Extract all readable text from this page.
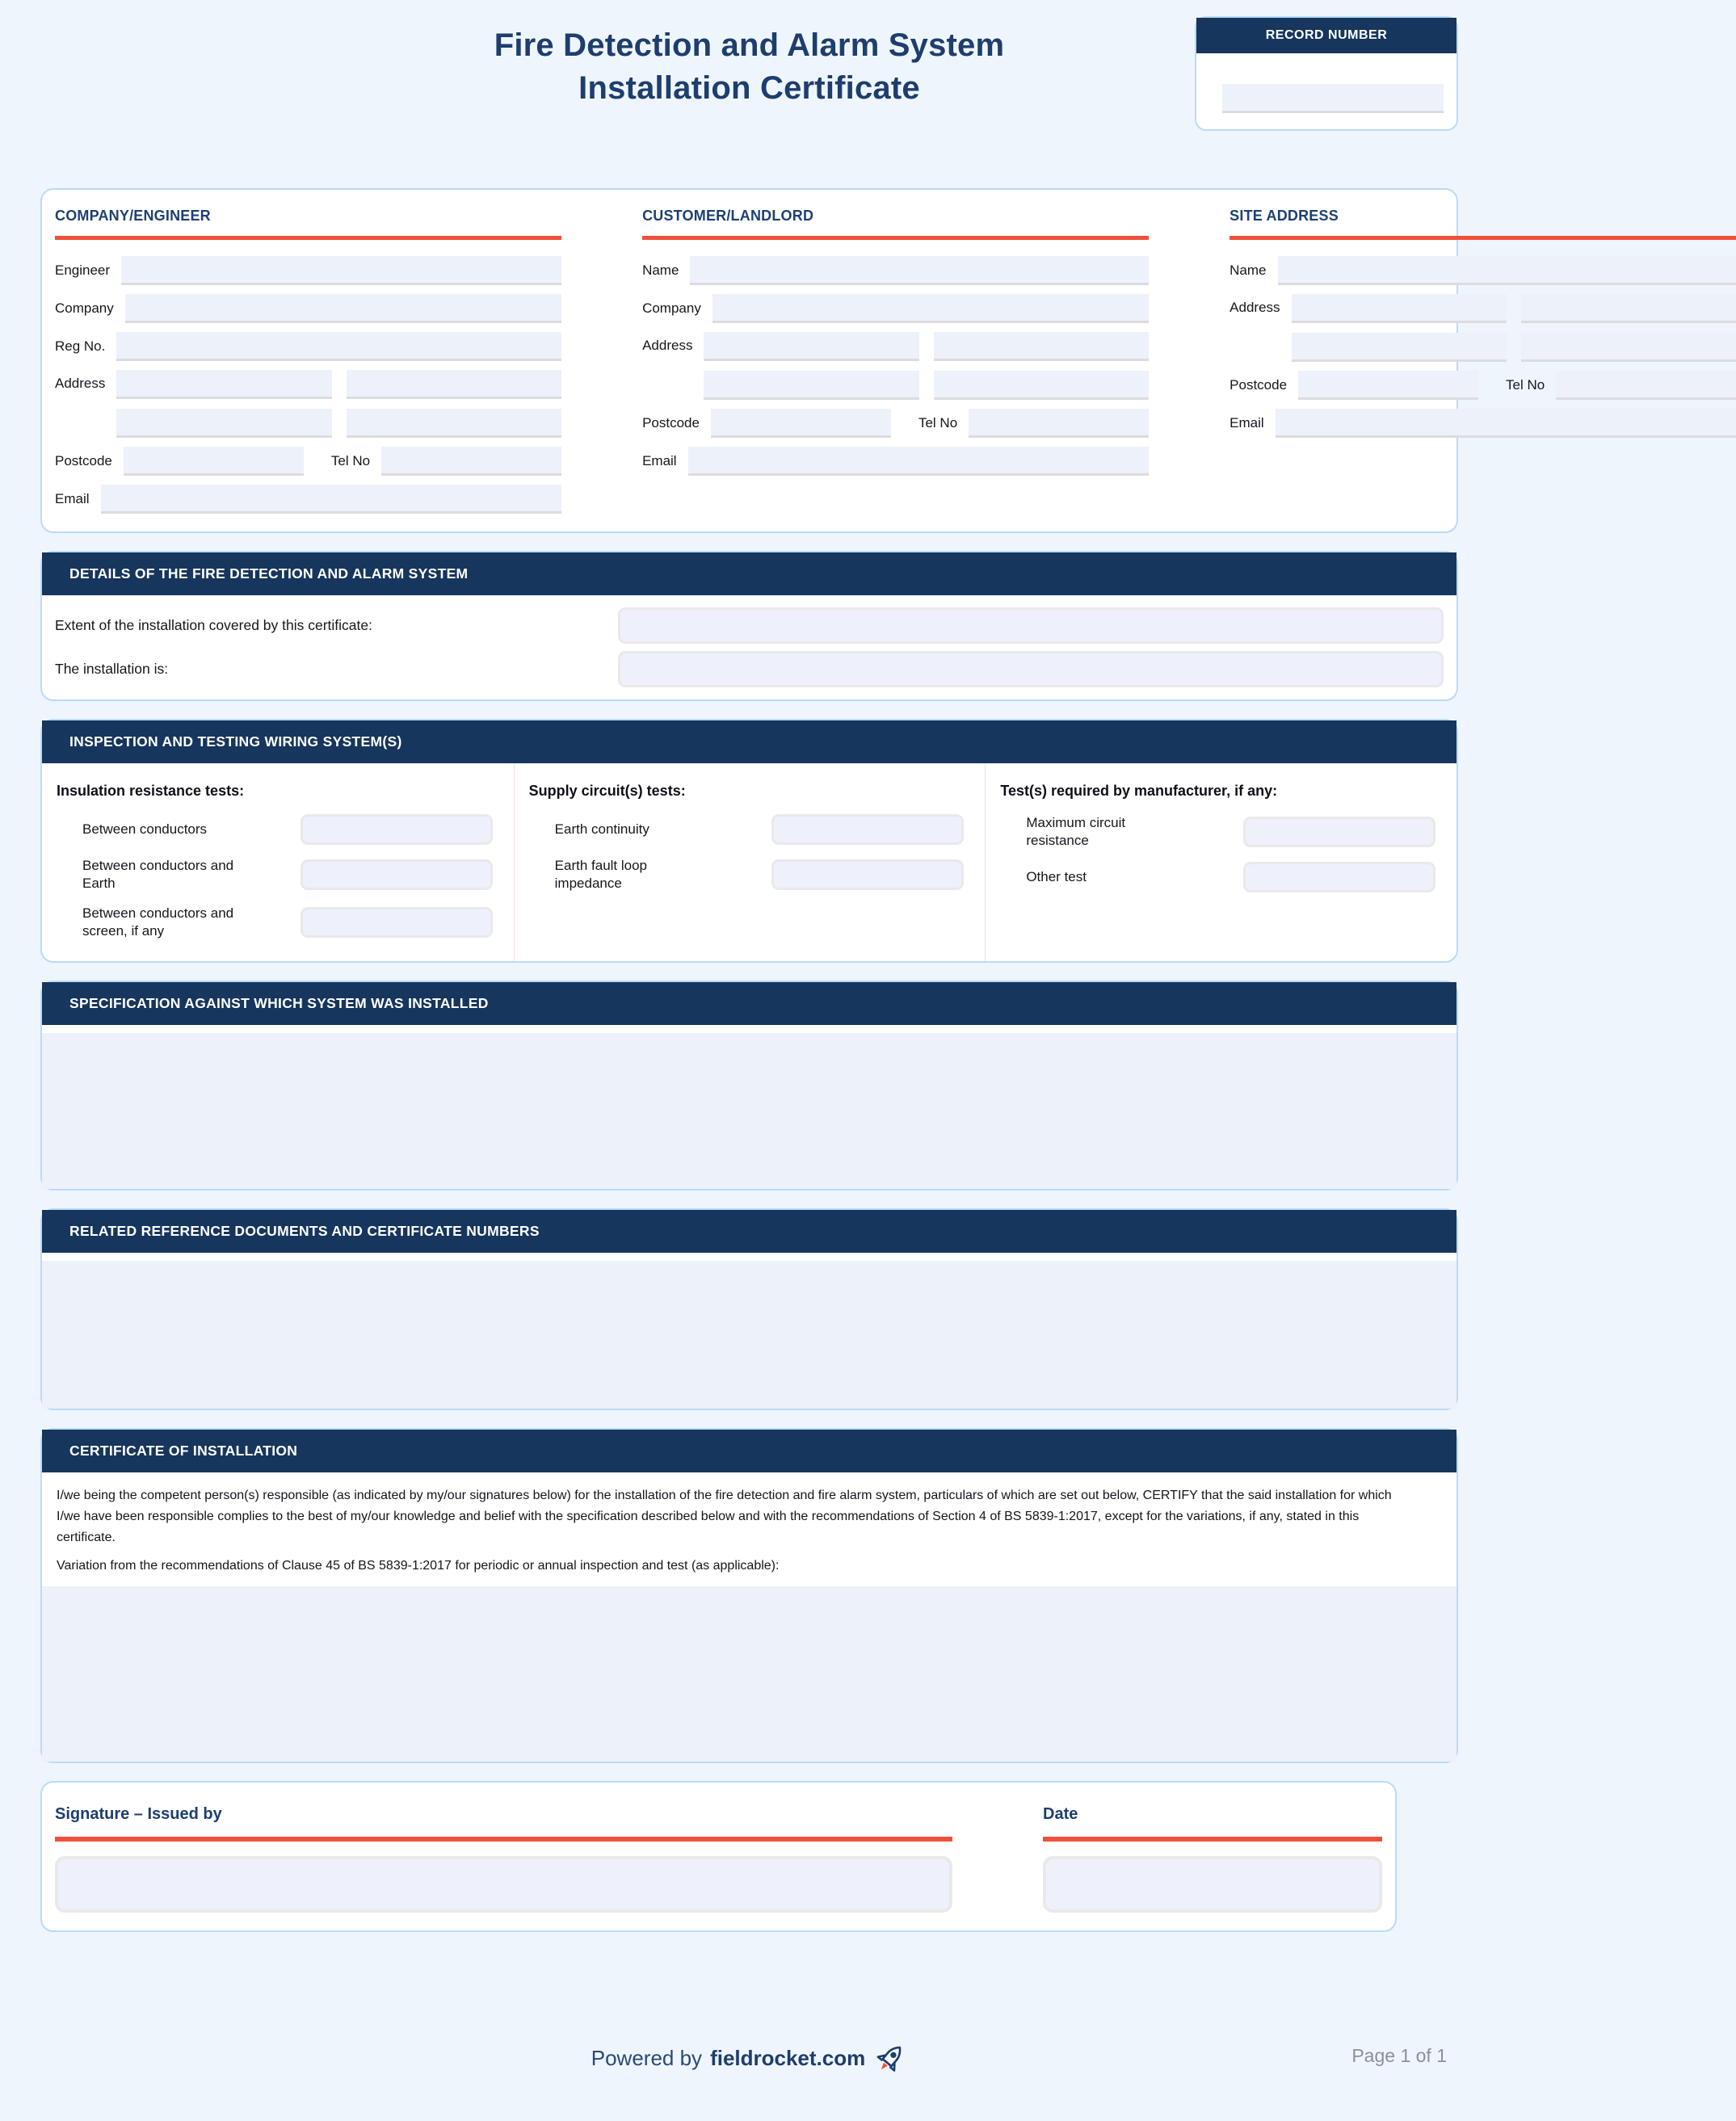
Fire Detection and Alarm System
Installation Certificate
RECORD NUMBER
COMPANY/ENGINEER
Engineer
Company
Reg No.
Address
Postcode	Tel No
Email
CUSTOMER/LANDLORD
Name
Company
Address
Postcode	Tel No
Email
SITE ADDRESS
Name
Address
Postcode	Tel No
Email
DETAILS OF THE FIRE DETECTION AND ALARM SYSTEM
Extent of the installation covered by this certificate:
The installation is:
INSPECTION AND TESTING WIRING SYSTEM(S)
Insulation resistance tests:
Between conductors
Between conductors and Earth
Between conductors and screen, if any
Supply circuit(s) tests:
Earth continuity
Earth fault loop impedance
Test(s) required by manufacturer, if any:
Maximum circuit resistance
Other test
SPECIFICATION AGAINST WHICH SYSTEM WAS INSTALLED
RELATED REFERENCE DOCUMENTS AND CERTIFICATE NUMBERS
CERTIFICATE OF INSTALLATION

I/we being the competent person(s) responsible (as indicated by my/our signatures below) for the installation of the fire detection and fire alarm system, particulars of which are set out below, CERTIFY that the said installation for which I/we have been responsible complies to the best of my/our knowledge and belief with the specification described below and with the recommendations of Section 4 of BS 5839-1:2017, except for the variations, if any, stated in this certificate.

Variation from the recommendations of Clause 45 of BS 5839-1:2017 for periodic or annual inspection and test (as applicable):

Signature – Issued by	Date
Powered by fieldrocket.com	Page 1 of 1
